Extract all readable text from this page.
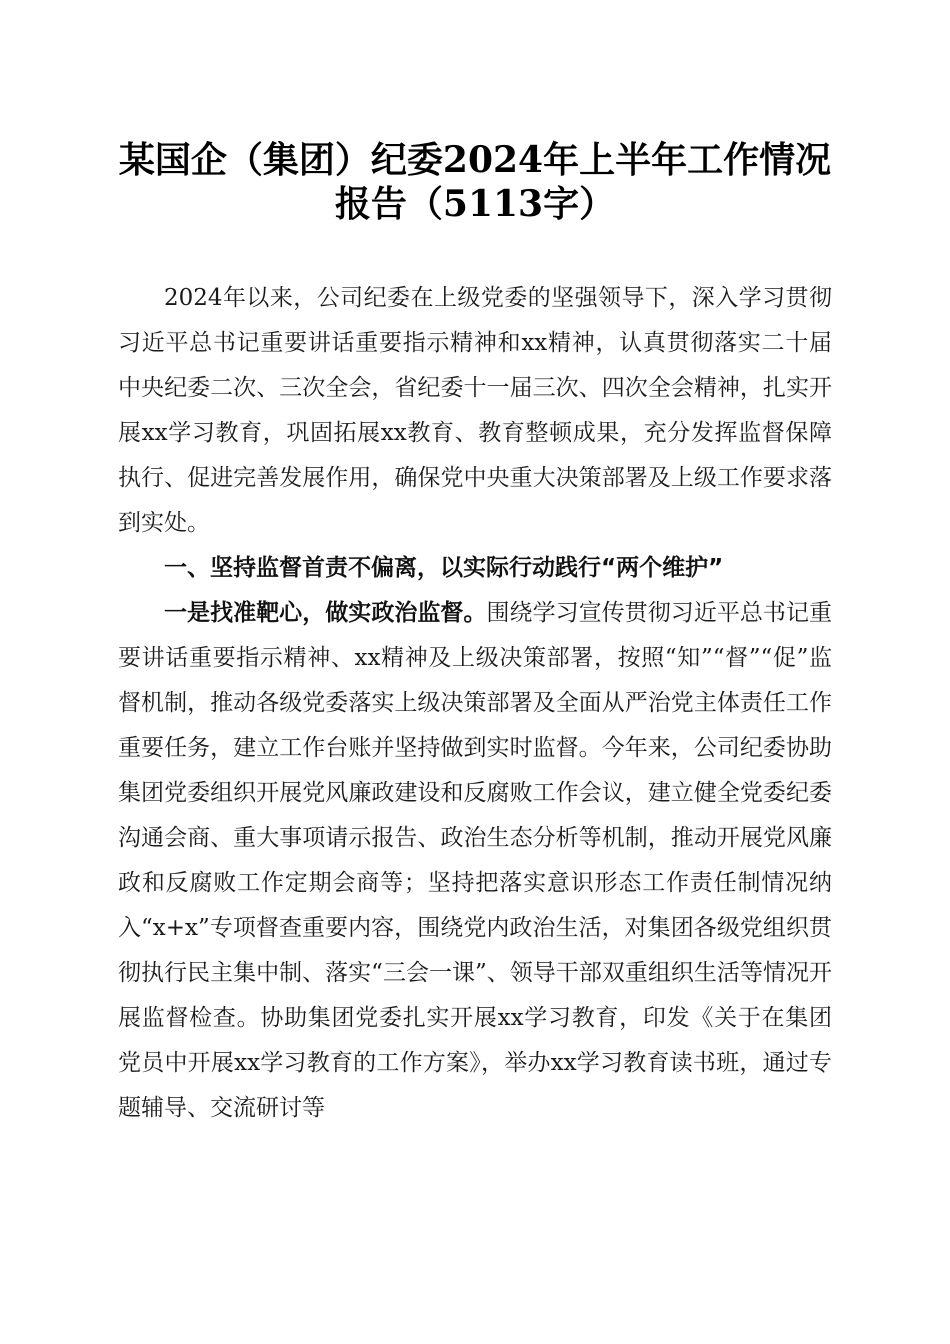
某国企（集团）纪委2024年上半年工作情况
报告（5113字）

2024年以来，公司纪委在上级党委的坚强领导下，深入学习贯彻习近平总书记重要讲话重要指示精神和xx精神，认真贯彻落实二十届中央纪委二次、三次全会，省纪委十一届三次、四次全会精神，扎实开展xx学习教育，巩固拓展xx教育、教育整顿成果，充分发挥监督保障执行、促进完善发展作用，确保党中央重大决策部署及上级工作要求落到实处。

一、坚持监督首责不偏离，以实际行动践行“两个维护”

一是找准靶心，做实政治监督。围绕学习宣传贯彻习近平总书记重要讲话重要指示精神、xx精神及上级决策部署，按照“知”“督”“促”监督机制，推动各级党委落实上级决策部署及全面从严治党主体责任工作重要任务，建立工作台账并坚持做到实时监督。今年来，公司纪委协助集团党委组织开展党风廉政建设和反腐败工作会议，建立健全党委纪委沟通会商、重大事项请示报告、政治生态分析等机制，推动开展党风廉政和反腐败工作定期会商等；坚持把落实意识形态工作责任制情况纳入“x+x”专项督查重要内容，围绕党内政治生活，对集团各级党组织贯彻执行民主集中制、落实“三会一课”、领导干部双重组织生活等情况开展监督检查。协助集团党委扎实开展xx学习教育，印发《关于在集团党员中开展xx学习教育的工作方案》，举办xx学习教育读书班，通过专题辅导、交流研讨等
